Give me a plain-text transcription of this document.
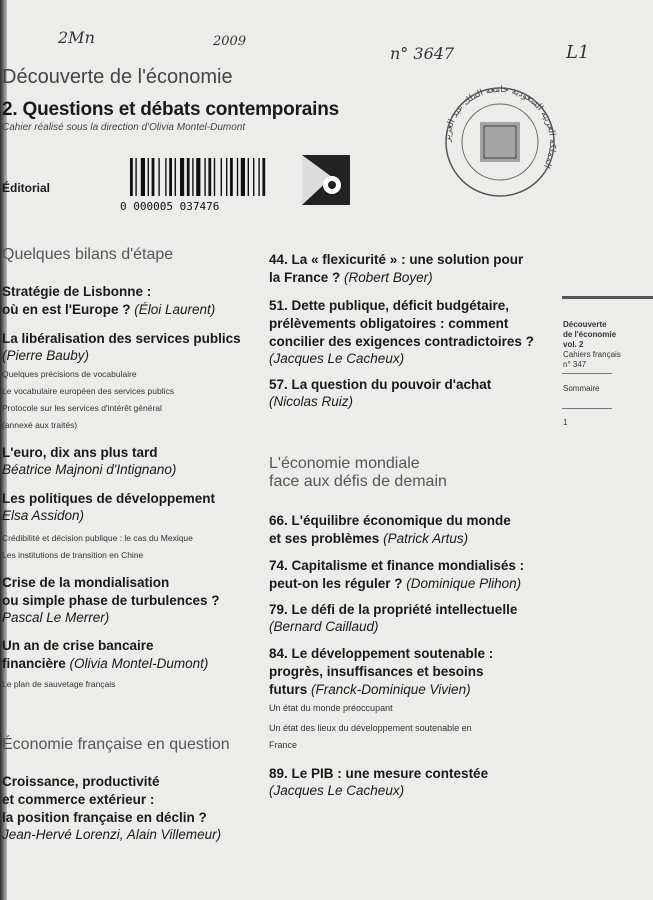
2Mn	2009
n° 3647	L1
Découverte de l'économie
2. Questions et débats contemporains
Cahier réalisé sous la direction d'Olivia Montel-Dumont
المملكة العربية السعودية جامعة الملك عبد العزيز
0 000005 037476
Éditorial
Quelques bilans d'étape
L'économie mondiale
face aux défis de demain
Économie française en question
Stratégie de Lisbonne :
où en est l'Europe ? (Éloi Laurent)
La libéralisation des services publics
(Pierre Bauby)
Quelques précisions de vocabulaire
Le vocabulaire européen des services publics
Protocole sur les services d'intérêt général
(annexé aux traités)
L'euro, dix ans plus tard
Béatrice Majnoni d'Intignano)
Les politiques de développement
Elsa Assidon)
Crédibilité et décision publique : le cas du Mexique
Les institutions de transition en Chine
Crise de la mondialisation
ou simple phase de turbulences ?
Pascal Le Merrer)
Un an de crise bancaire
financière (Olivia Montel-Dumont)
Le plan de sauvetage français
Croissance, productivité
et commerce extérieur :
la position française en déclin ?
Jean-Hervé Lorenzi, Alain Villemeur)
44. La « flexicurité » : une solution pour
la France ? (Robert Boyer)
51. Dette publique, déficit budgétaire,
prélèvements obligatoires : comment
concilier des exigences contradictoires ?
(Jacques Le Cacheux)
57. La question du pouvoir d'achat
(Nicolas Ruiz)
66. L'équilibre économique du monde
et ses problèmes (Patrick Artus)
74. Capitalisme et finance mondialisés :
peut-on les réguler ? (Dominique Plihon)
79. Le défi de la propriété intellectuelle
(Bernard Caillaud)
84. Le développement soutenable :
progrès, insuffisances et besoins
futurs (Franck-Dominique Vivien)
Un état du monde préoccupant
Un état des lieux du développement soutenable en
France
89. Le PIB : une mesure contestée
(Jacques Le Cacheux)
Découverte
de l'économie
vol. 2
Cahiers français
n° 347
Sommaire
1
